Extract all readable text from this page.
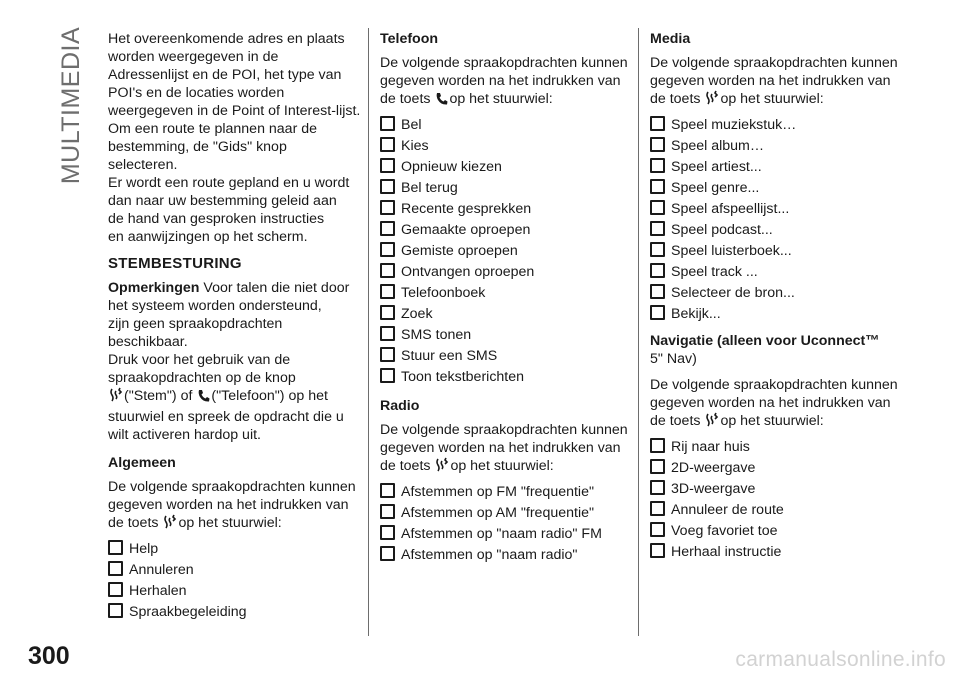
MULTIMEDIA Het overeenkomende adres en plaats
worden weergegeven in de
Adressenlijst en de POI, het type van
POI's en de locaties worden
weergegeven in de Point of Interest-lijst.
Om een route te plannen naar de
bestemming, de "Gids" knop
selecteren.
Er wordt een route gepland en u wordt
dan naar uw bestemming geleid aan
de hand van gesproken instructies
en aanwijzingen op het scherm.
STEMBESTURING
Opmerkingen Voor talen die niet door
het systeem worden ondersteund,
zijn geen spraakopdrachten
beschikbaar.
Druk voor het gebruik van de
spraakopdrachten op de knop
("Stem") of ("Telefoon") op het
stuurwiel en spreek de opdracht die u
wilt activeren hardop uit.
Algemeen
De volgende spraakopdrachten kunnen
gegeven worden na het indrukken van
de toets op het stuurwiel:
Help
Annuleren
Herhalen
Spraakbegeleiding
Telefoon
De volgende spraakopdrachten kunnen
gegeven worden na het indrukken van
de toets op het stuurwiel:
Bel
Kies
Opnieuw kiezen
Bel terug
Recente gesprekken
Gemaakte oproepen
Gemiste oproepen
Ontvangen oproepen
Telefoonboek
Zoek
SMS tonen
Stuur een SMS
Toon tekstberichten
Radio
De volgende spraakopdrachten kunnen
gegeven worden na het indrukken van
de toets op het stuurwiel:
Afstemmen op FM "frequentie"
Afstemmen op AM "frequentie"
Afstemmen op "naam radio" FM
Afstemmen op "naam radio"
Media
De volgende spraakopdrachten kunnen
gegeven worden na het indrukken van
de toets op het stuurwiel:
Speel muziekstuk…
Speel album…
Speel artiest...
Speel genre...
Speel afspeellijst...
Speel podcast...
Speel luisterboek...
Speel track ...
Selecteer de bron...
Bekijk...
Navigatie (alleen voor Uconnect™
5" Nav)
De volgende spraakopdrachten kunnen
gegeven worden na het indrukken van
de toets op het stuurwiel:
Rij naar huis
2D-weergave
3D-weergave
Annuleer de route
Voeg favoriet toe
Herhaal instructie
300	carmanualsonline.info
